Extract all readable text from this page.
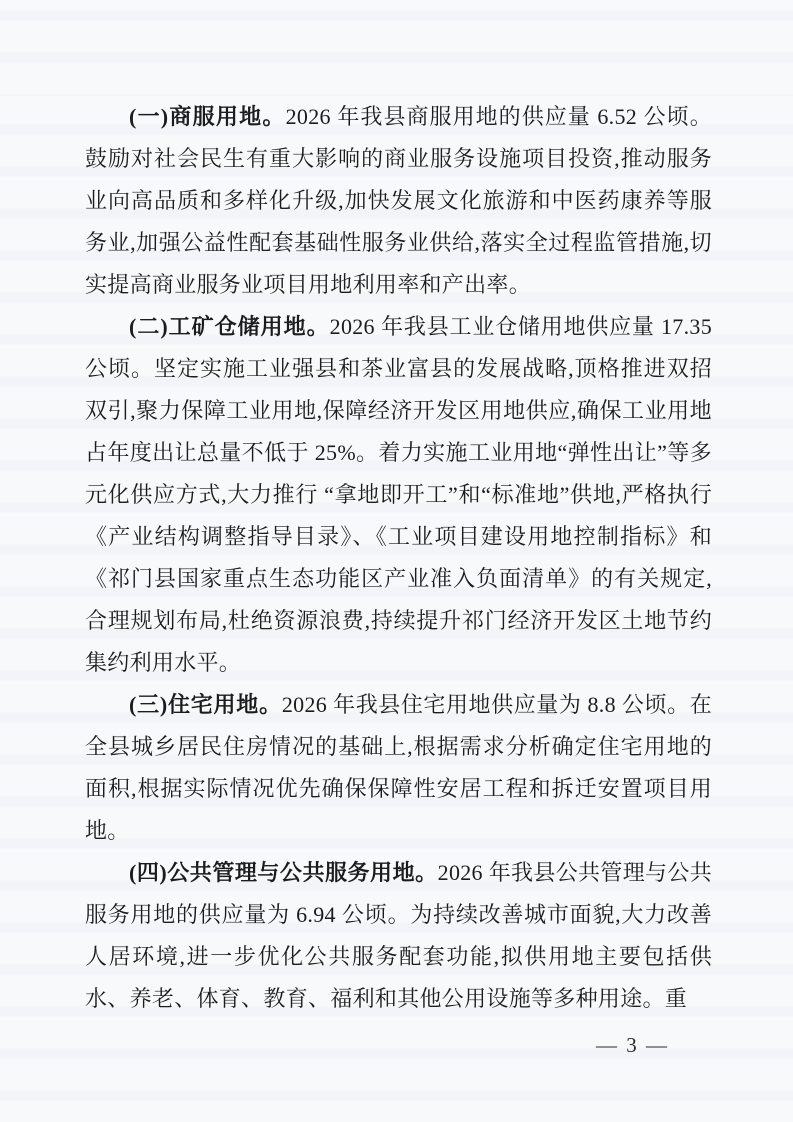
(一)商服用地。2026 年我县商服用地的供应量 6.52 公顷。鼓励对社会民生有重大影响的商业服务设施项目投资,推动服务业向高品质和多样化升级,加快发展文化旅游和中医药康养等服务业,加强公益性配套基础性服务业供给,落实全过程监管措施,切实提高商业服务业项目用地利用率和产出率。

(二)工矿仓储用地。2026 年我县工业仓储用地供应量 17.35 公顷。坚定实施工业强县和茶业富县的发展战略,顶格推进双招双引,聚力保障工业用地,保障经济开发区用地供应,确保工业用地占年度出让总量不低于 25%。着力实施工业用地“弹性出让”等多元化供应方式,大力推行 “拿地即开工”和“标准地”供地,严格执行《产业结构调整指导目录》、《工业项目建设用地控制指标》和《祁门县国家重点生态功能区产业准入负面清单》的有关规定,合理规划布局,杜绝资源浪费,持续提升祁门经济开发区土地节约集约利用水平。

(三)住宅用地。2026 年我县住宅用地供应量为 8.8 公顷。在全县城乡居民住房情况的基础上,根据需求分析确定住宅用地的面积,根据实际情况优先确保保障性安居工程和拆迁安置项目用地。

(四)公共管理与公共服务用地。2026 年我县公共管理与公共服务用地的供应量为 6.94 公顷。为持续改善城市面貌,大力改善人居环境,进一步优化公共服务配套功能,拟供用地主要包括供水、养老、体育、教育、福利和其他公用设施等多种用途。重

— 3 —
